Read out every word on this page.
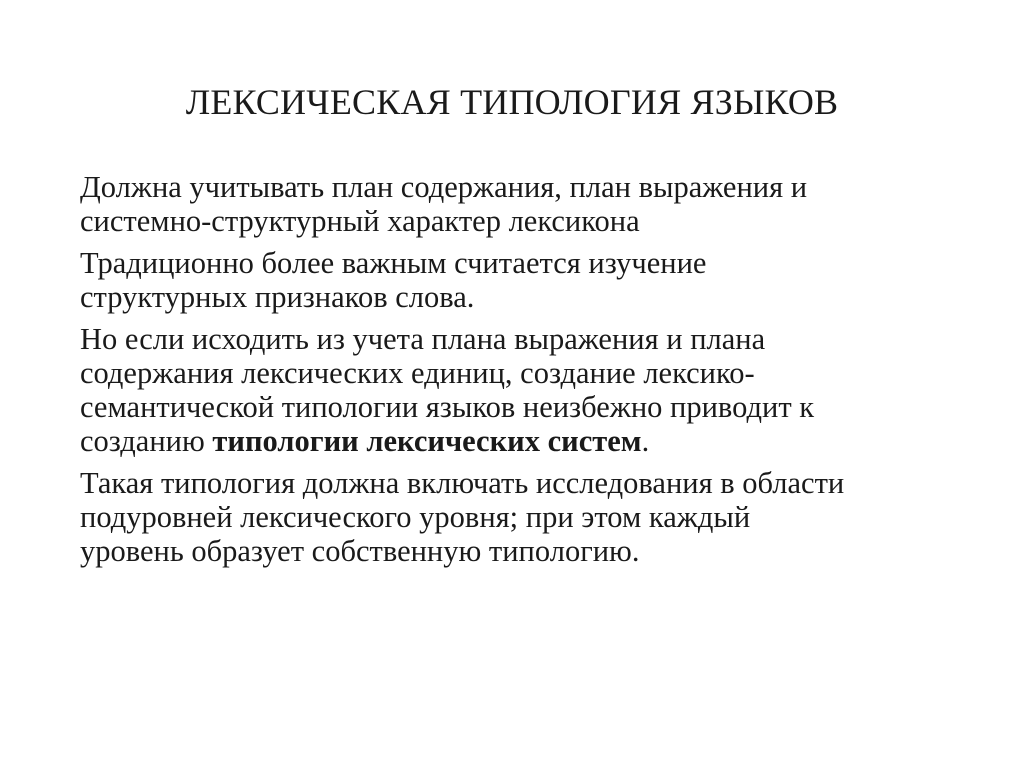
ЛЕКСИЧЕСКАЯ ТИПОЛОГИЯ ЯЗЫКОВ

Должна учитывать план содержания, план выражения и
системно-структурный характер лексикона

Традиционно более важным считается изучение
структурных признаков слова.

Но если исходить из учета плана выражения и плана
содержания лексических единиц, создание лексико-
семантической типологии языков неизбежно приводит к
созданию типологии лексических систем.

Такая типология должна включать исследования в области
подуровней лексического уровня; при этом каждый
уровень образует собственную типологию.
